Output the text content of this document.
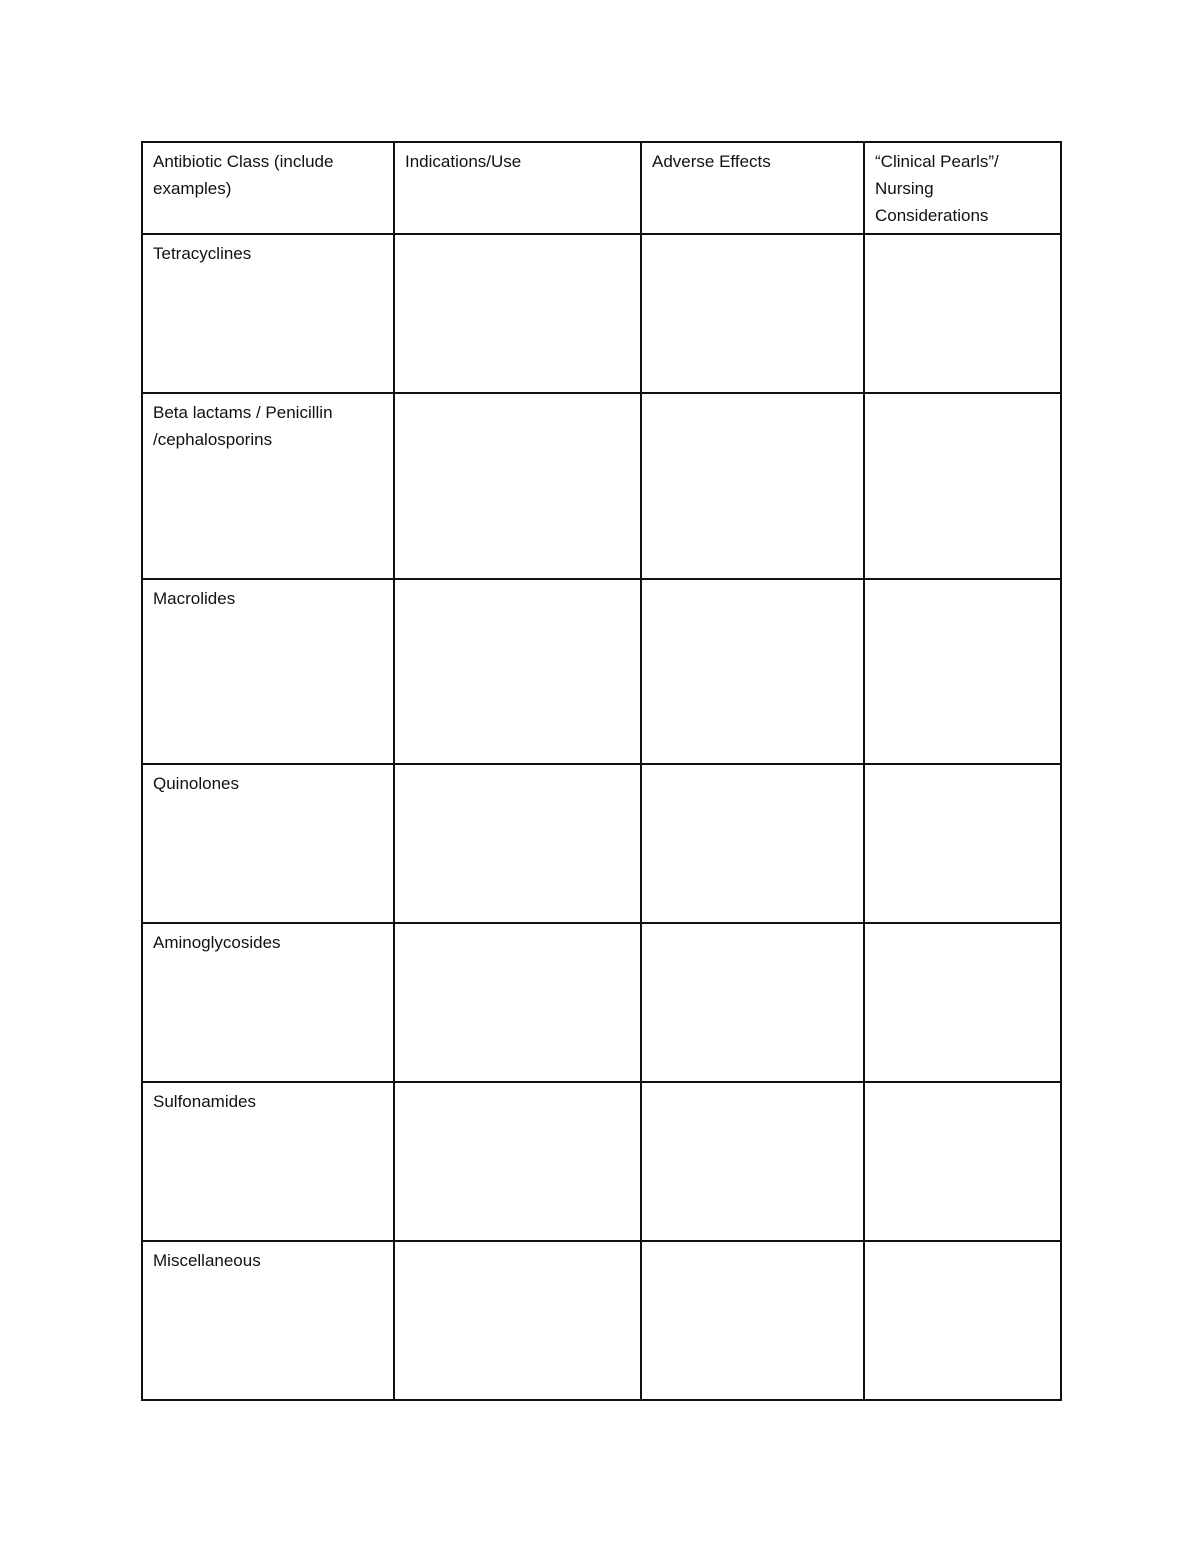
Antibiotic Class (include examples)	Indications/Use	Adverse Effects	“Clinical Pearls”/ Nursing Considerations
Tetracyclines			
Beta lactams / Penicillin /cephalosporins			
Macrolides			
Quinolones			
Aminoglycosides			
Sulfonamides			
Miscellaneous			
